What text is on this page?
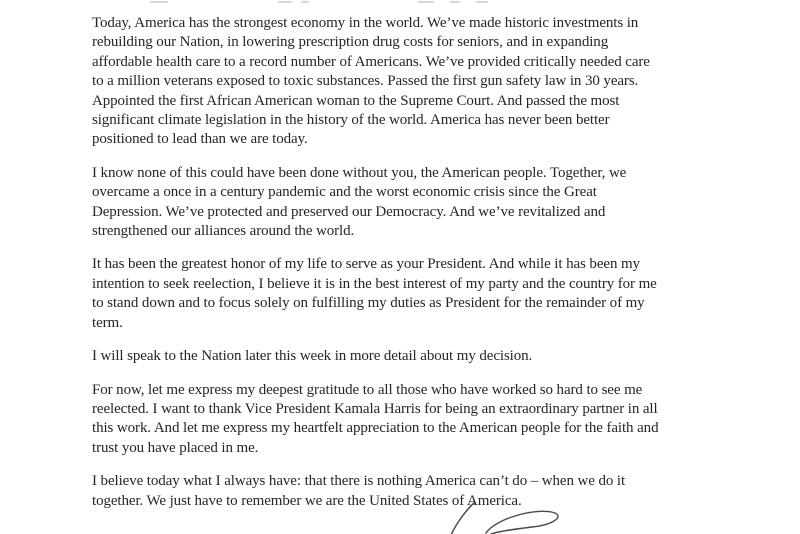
Today, America has the strongest economy in the world. We’ve made historic investments in
rebuilding our Nation, in lowering prescription drug costs for seniors, and in expanding
affordable health care to a record number of Americans. We’ve provided critically needed care
to a million veterans exposed to toxic substances. Passed the first gun safety law in 30 years.
Appointed the first African American woman to the Supreme Court. And passed the most
significant climate legislation in the history of the world. America has never been better
positioned to lead than we are today.
I know none of this could have been done without you, the American people. Together, we
overcame a once in a century pandemic and the worst economic crisis since the Great
Depression. We’ve protected and preserved our Democracy. And we’ve revitalized and
strengthened our alliances around the world.
It has been the greatest honor of my life to serve as your President. And while it has been my
intention to seek reelection, I believe it is in the best interest of my party and the country for me
to stand down and to focus solely on fulfilling my duties as President for the remainder of my
term.
I will speak to the Nation later this week in more detail about my decision.
For now, let me express my deepest gratitude to all those who have worked so hard to see me
reelected. I want to thank Vice President Kamala Harris for being an extraordinary partner in all
this work. And let me express my heartfelt appreciation to the American people for the faith and
trust you have placed in me.
I believe today what I always have: that there is nothing America can’t do – when we do it
together. We just have to remember we are the United States of America.
